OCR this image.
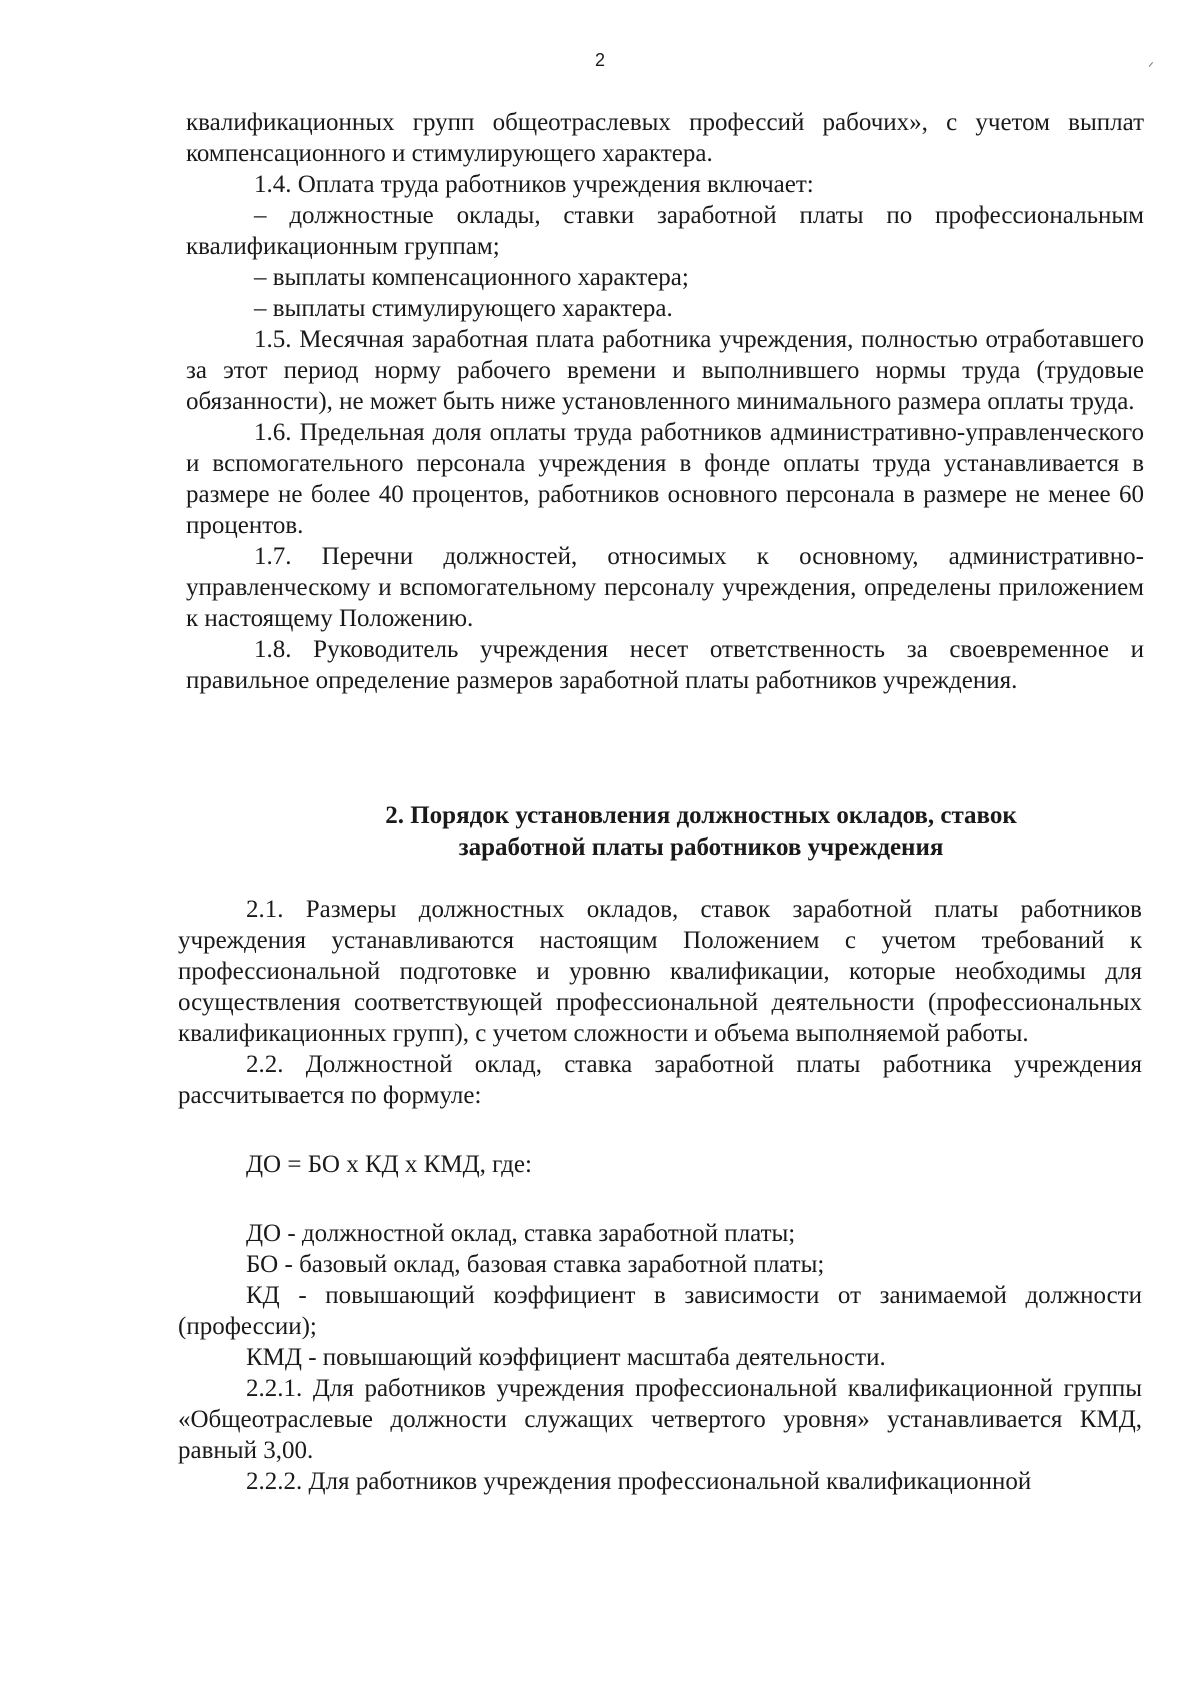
2	ᐟ

квалификационных групп общеотраслевых профессий рабочих», с учетом выплат компенсационного и стимулирующего характера.

1.4. Оплата труда работников учреждения включает:

– должностные оклады, ставки заработной платы по профессиональным квалификационным группам;

– выплаты компенсационного характера;

– выплаты стимулирующего характера.

1.5. Месячная заработная плата работника учреждения, полностью отработавшего за этот период норму рабочего времени и выполнившего нормы труда (трудовые обязанности), не может быть ниже установленного минимального размера оплаты труда.

1.6. Предельная доля оплаты труда работников административно-управленческого и вспомогательного персонала учреждения в фонде оплаты труда устанавливается в размере не более 40 процентов, работников основного персонала в размере не менее 60 процентов.

1.7. Перечни должностей, относимых к основному, административно-управленческому и вспомогательному персоналу учреждения, определены приложением к настоящему Положению.

1.8. Руководитель учреждения несет ответственность за своевременное и правильное определение размеров заработной платы работников учреждения.

2. Порядок установления должностных окладов, ставок
заработной платы работников учреждения

2.1. Размеры должностных окладов, ставок заработной платы работников учреждения устанавливаются настоящим Положением с учетом требований к профессиональной подготовке и уровню квалификации, которые необходимы для осуществления соответствующей профессиональной деятельности (профессиональных квалификационных групп), с учетом сложности и объема выполняемой работы.

2.2. Должностной оклад, ставка заработной платы работника учреждения рассчитывается по формуле:

ДО = БО х КД х КМД, где:

ДО - должностной оклад, ставка заработной платы;

БО - базовый оклад, базовая ставка заработной платы;

КД - повышающий коэффициент в зависимости от занимаемой должности (профессии);

КМД - повышающий коэффициент масштаба деятельности.

2.2.1. Для работников учреждения профессиональной квалификационной группы «Общеотраслевые должности служащих четвертого уровня» устанавливается КМД, равный 3,00.

2.2.2. Для работников учреждения профессиональной квалификационной
